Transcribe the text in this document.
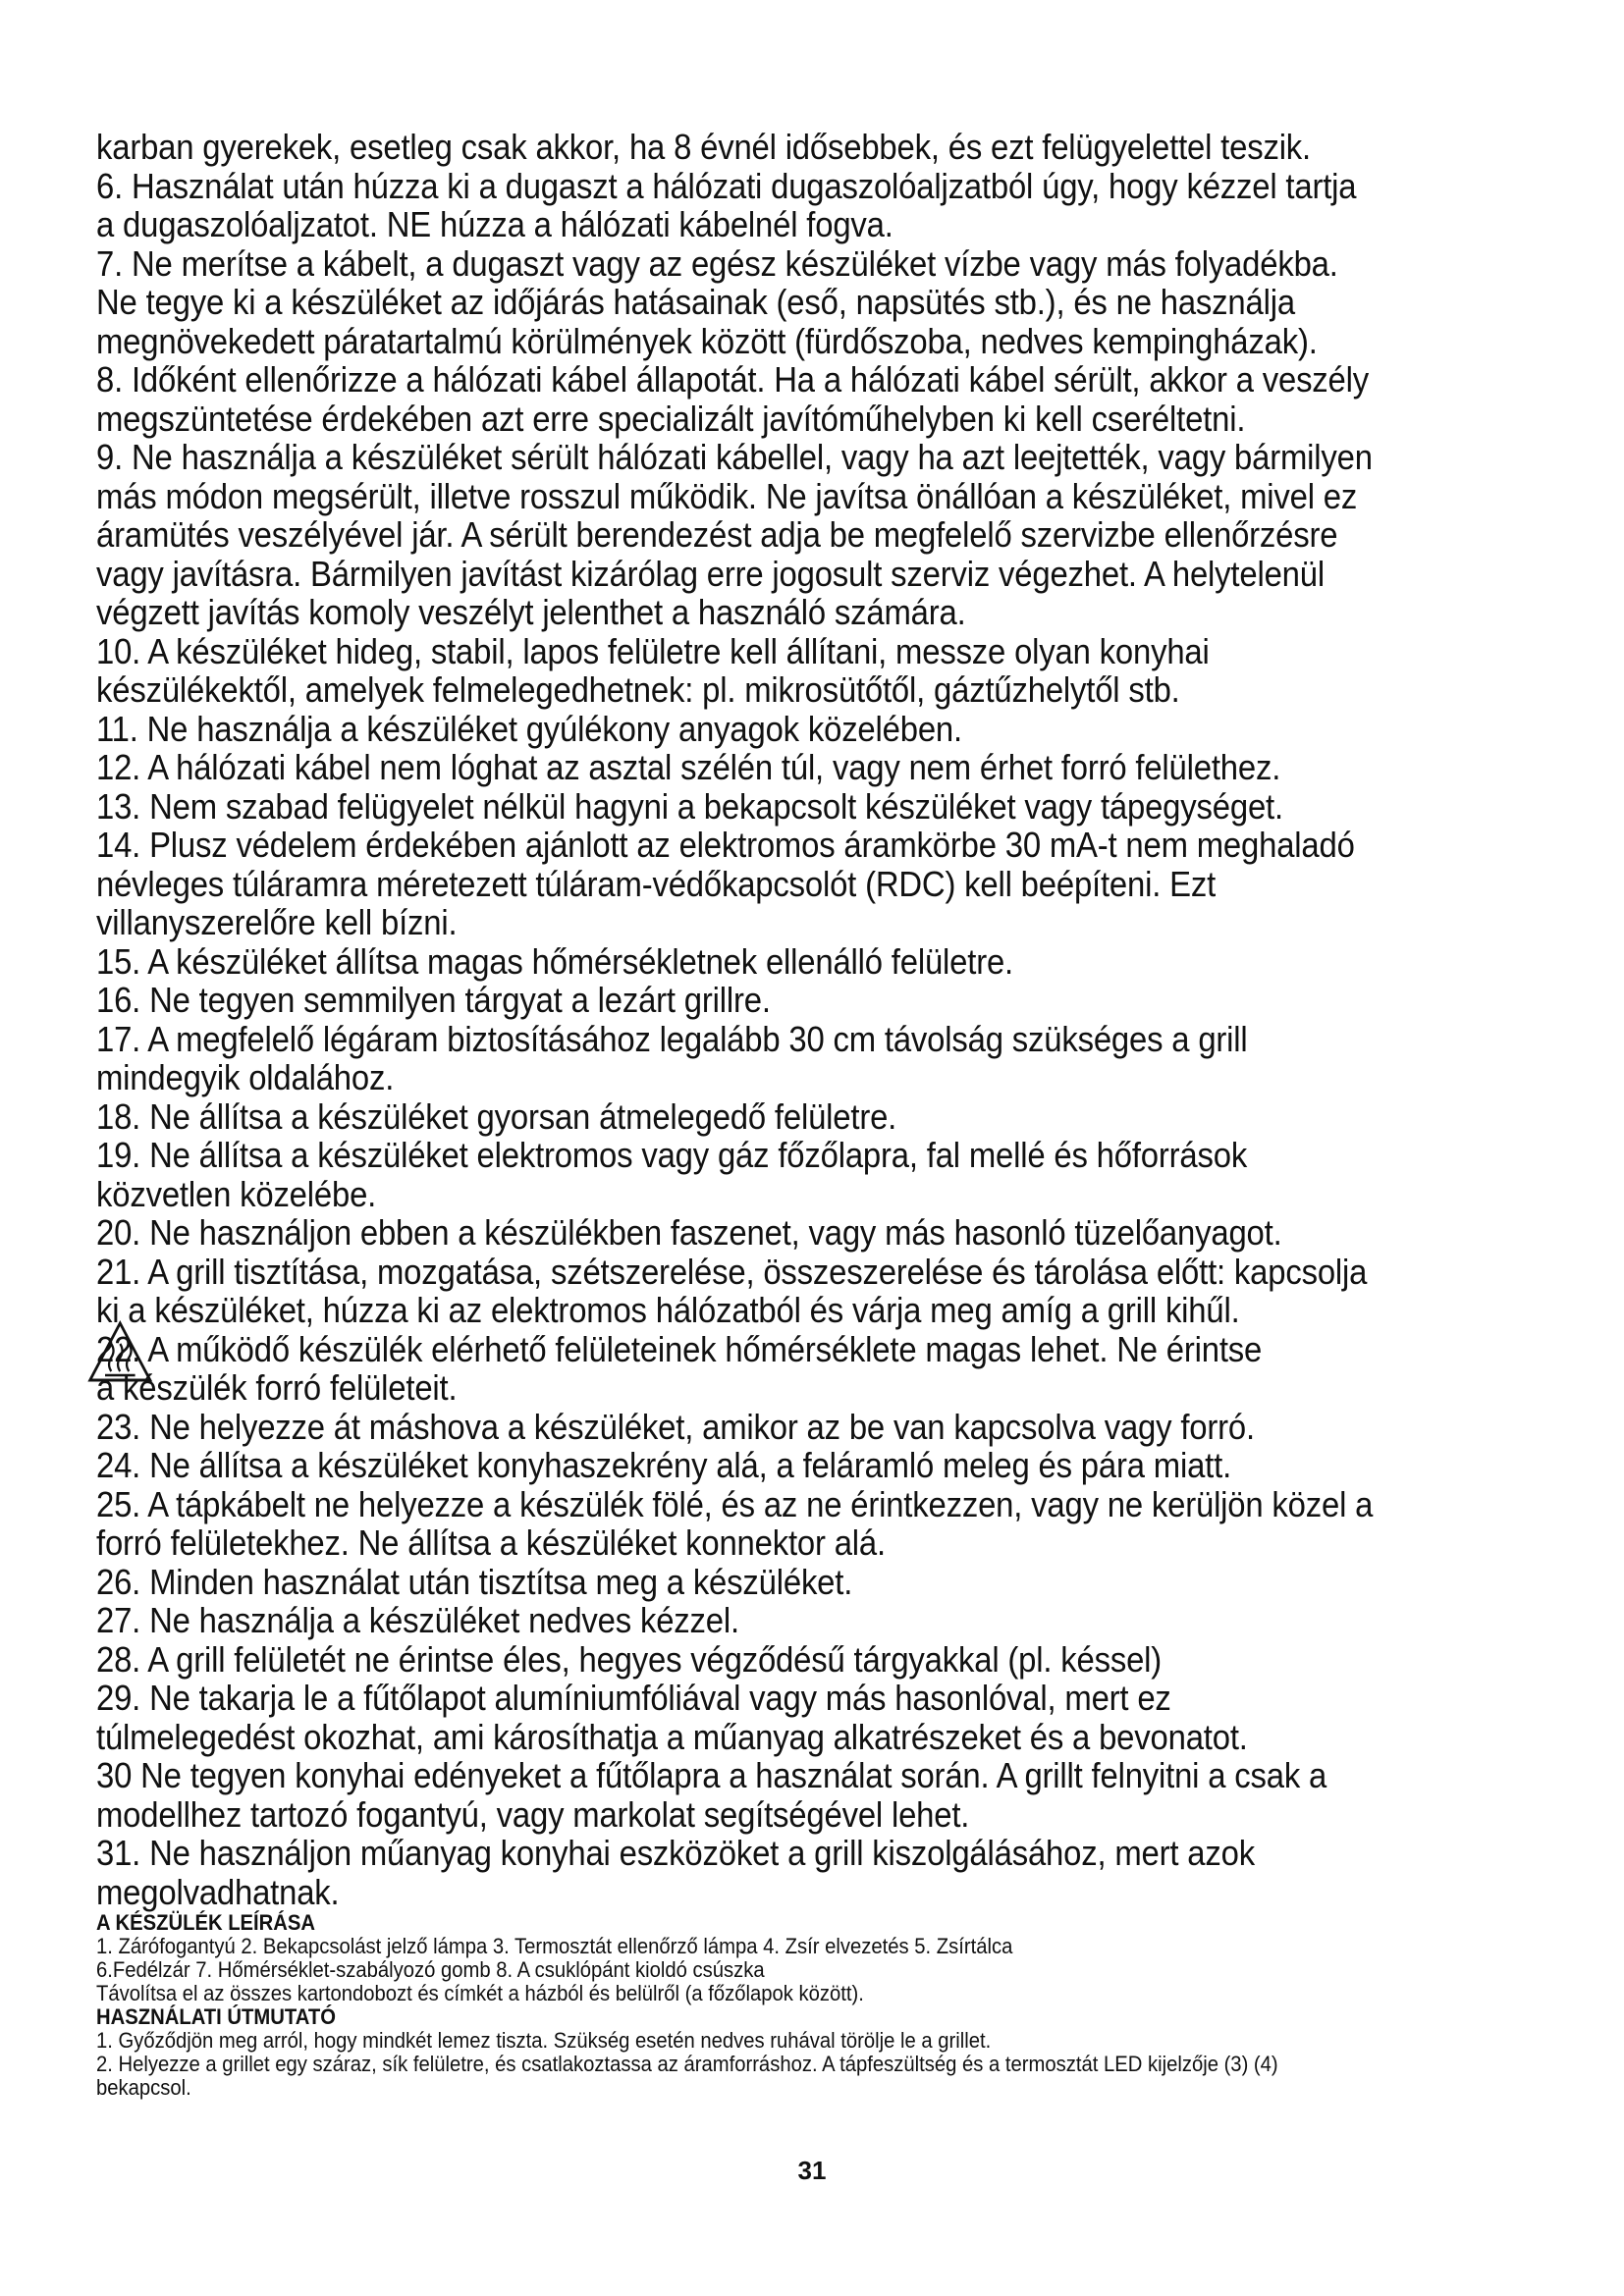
karban gyerekek, esetleg csak akkor, ha 8 évnél idősebbek, és ezt felügyelettel teszik.
6. Használat után húzza ki a dugaszt a hálózati dugaszolóaljzatból úgy, hogy kézzel tartja
a dugaszolóaljzatot. NE húzza a hálózati kábelnél fogva.
7. Ne merítse a kábelt, a dugaszt vagy az egész készüléket vízbe vagy más folyadékba.
Ne tegye ki a készüléket az időjárás hatásainak (eső, napsütés stb.), és ne használja
megnövekedett páratartalmú körülmények között (fürdőszoba, nedves kempingházak).
8. Időként ellenőrizze a hálózati kábel állapotát. Ha a hálózati kábel sérült, akkor a veszély
megszüntetése érdekében azt erre specializált javítóműhelyben ki kell cseréltetni.
9. Ne használja a készüléket sérült hálózati kábellel, vagy ha azt leejtették, vagy bármilyen
más módon megsérült, illetve rosszul működik. Ne javítsa önállóan a készüléket, mivel ez
áramütés veszélyével jár. A sérült berendezést adja be megfelelő szervizbe ellenőrzésre
vagy javításra. Bármilyen javítást kizárólag erre jogosult szerviz végezhet. A helytelenül
végzett javítás komoly veszélyt jelenthet a használó számára.
10. A készüléket hideg, stabil, lapos felületre kell állítani, messze olyan konyhai
készülékektől, amelyek felmelegedhetnek: pl. mikrosütőtől, gáztűzhelytől stb.
11. Ne használja a készüléket gyúlékony anyagok közelében.
12. A hálózati kábel nem lóghat az asztal szélén túl, vagy nem érhet forró felülethez.
13. Nem szabad felügyelet nélkül hagyni a bekapcsolt készüléket vagy tápegységet.
14. Plusz védelem érdekében ajánlott az elektromos áramkörbe 30 mA-t nem meghaladó
névleges túláramra méretezett túláram-védőkapcsolót (RDC) kell beépíteni. Ezt
villanyszerelőre kell bízni.
15. A készüléket állítsa magas hőmérsékletnek ellenálló felületre.
16. Ne tegyen semmilyen tárgyat a lezárt grillre.
17. A megfelelő légáram biztosításához legalább 30 cm távolság szükséges a grill
mindegyik oldalához.
18. Ne állítsa a készüléket gyorsan átmelegedő felületre.
19. Ne állítsa a készüléket elektromos vagy gáz főzőlapra, fal mellé és hőforrások
közvetlen közelébe.
20. Ne használjon ebben a készülékben faszenet, vagy más hasonló tüzelőanyagot.
21. A grill tisztítása, mozgatása, szétszerelése, összeszerelése és tárolása előtt: kapcsolja
ki a készüléket, húzza ki az elektromos hálózatból és várja meg amíg a grill kihűl.
22. A működő készülék elérhető felületeinek hőmérséklete magas lehet. Ne érintse
a készülék forró felületeit.
23. Ne helyezze át máshova a készüléket, amikor az be van kapcsolva vagy forró.
24. Ne állítsa a készüléket konyhaszekrény alá, a feláramló meleg és pára miatt.
25. A tápkábelt ne helyezze a készülék fölé, és az ne érintkezzen, vagy ne kerüljön közel a
forró felületekhez. Ne állítsa a készüléket konnektor alá.
26. Minden használat után tisztítsa meg a készüléket.
27. Ne használja a készüléket nedves kézzel.
28. A grill felületét ne érintse éles, hegyes végződésű tárgyakkal (pl. késsel)
29. Ne takarja le a fűtőlapot alumíniumfóliával vagy más hasonlóval, mert ez
túlmelegedést okozhat, ami károsíthatja a műanyag alkatrészeket és a bevonatot.
30 Ne tegyen konyhai edényeket a fűtőlapra a használat során. A grillt felnyitni a csak a
modellhez tartozó fogantyú, vagy markolat segítségével lehet.
31. Ne használjon műanyag konyhai eszközöket a grill kiszolgálásához, mert azok
megolvadhatnak.
A KÉSZÜLÉK LEÍRÁSA
1. Zárófogantyú 2. Bekapcsolást jelző lámpa 3. Termosztát ellenőrző lámpa 4. Zsír elvezetés 5. Zsírtálca
6.Fedélzár 7. Hőmérséklet-szabályozó gomb 8. A csuklópánt kioldó csúszka
Távolítsa el az összes kartondobozt és címkét a házból és belülről (a főzőlapok között).
HASZNÁLATI ÚTMUTATÓ
1. Győződjön meg arról, hogy mindkét lemez tiszta. Szükség esetén nedves ruhával törölje le a grillet.
2. Helyezze a grillet egy száraz, sík felületre, és csatlakoztassa az áramforráshoz. A tápfeszültség és a termosztát LED kijelzője (3) (4)
bekapcsol.
31
